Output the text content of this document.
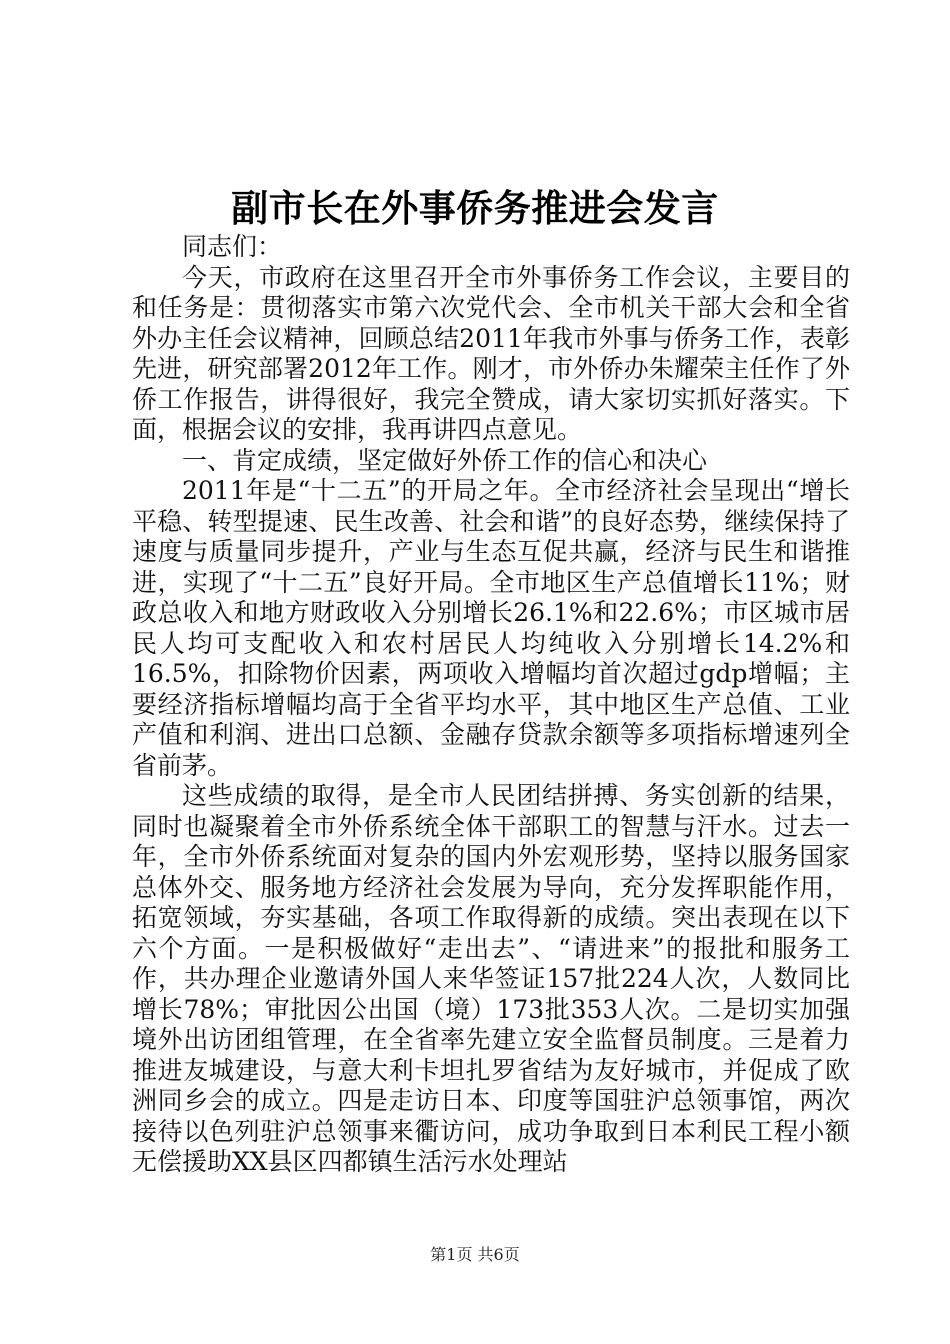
副市长在外事侨务推进会发言

同志们：

今天，市政府在这里召开全市外事侨务工作会议，主要目的和任务是：贯彻落实市第六次党代会、全市机关干部大会和全省外办主任会议精神，回顾总结2011年我市外事与侨务工作，表彰先进，研究部署2012年工作。刚才，市外侨办朱耀荣主任作了外侨工作报告，讲得很好，我完全赞成，请大家切实抓好落实。下面，根据会议的安排，我再讲四点意见。

一、肯定成绩，坚定做好外侨工作的信心和决心

2011年是“十二五”的开局之年。全市经济社会呈现出“增长平稳、转型提速、民生改善、社会和谐”的良好态势，继续保持了速度与质量同步提升，产业与生态互促共赢，经济与民生和谐推进，实现了“十二五”良好开局。全市地区生产总值增长11%；财政总收入和地方财政收入分别增长26.1%和22.6%；市区城市居民人均可支配收入和农村居民人均纯收入分别增长14.2%和16.5%，扣除物价因素，两项收入增幅均首次超过gdp增幅；主要经济指标增幅均高于全省平均水平，其中地区生产总值、工业产值和利润、进出口总额、金融存贷款余额等多项指标增速列全省前茅。

这些成绩的取得，是全市人民团结拼搏、务实创新的结果，同时也凝聚着全市外侨系统全体干部职工的智慧与汗水。过去一年，全市外侨系统面对复杂的国内外宏观形势，坚持以服务国家总体外交、服务地方经济社会发展为导向，充分发挥职能作用，拓宽领域，夯实基础，各项工作取得新的成绩。突出表现在以下六个方面。一是积极做好“走出去”、“请进来”的报批和服务工作，共办理企业邀请外国人来华签证157批224人次，人数同比增长78%；审批因公出国（境）173批353人次。二是切实加强境外出访团组管理，在全省率先建立安全监督员制度。三是着力推进友城建设，与意大利卡坦扎罗省结为友好城市，并促成了欧洲同乡会的成立。四是走访日本、印度等国驻沪总领事馆，两次接待以色列驻沪总领事来衢访问，成功争取到日本利民工程小额无偿援助XX县区四都镇生活污水处理站

第1页 共6页
